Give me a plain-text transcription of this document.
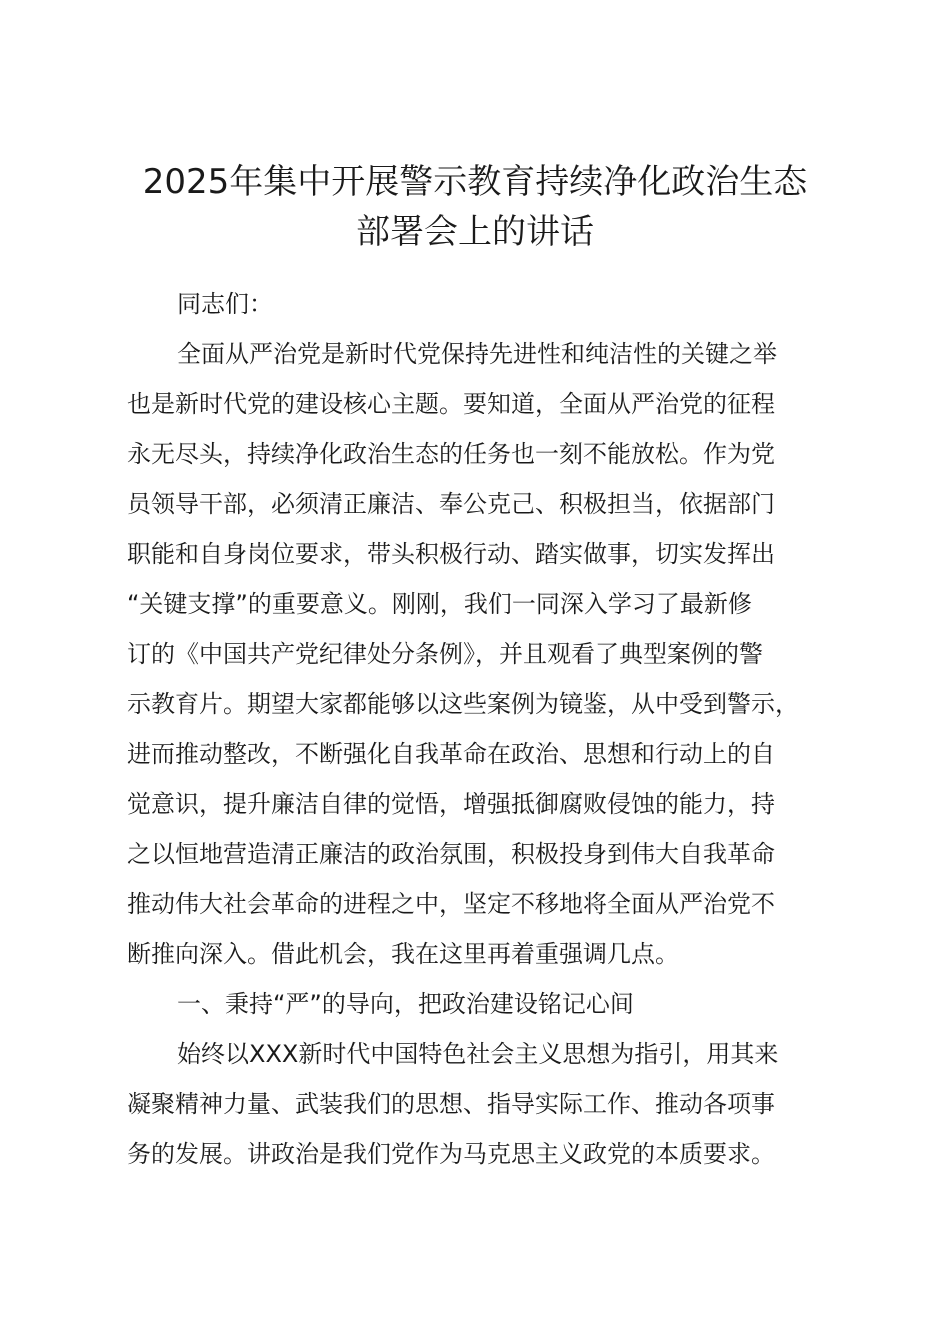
2025年集中开展警示教育持续净化政治生态
部署会上的讲话

同志们：

全面从严治党是新时代党保持先进性和纯洁性的关键之举

也是新时代党的建设核心主题。要知道，全面从严治党的征程

永无尽头，持续净化政治生态的任务也一刻不能放松。作为党

员领导干部，必须清正廉洁、奉公克己、积极担当，依据部门

职能和自身岗位要求，带头积极行动、踏实做事，切实发挥出

“关键支撑”的重要意义。刚刚，我们一同深入学习了最新修

订的《中国共产党纪律处分条例》，并且观看了典型案例的警

示教育片。期望大家都能够以这些案例为镜鉴，从中受到警示，

进而推动整改，不断强化自我革命在政治、思想和行动上的自

觉意识，提升廉洁自律的觉悟，增强抵御腐败侵蚀的能力，持

之以恒地营造清正廉洁的政治氛围，积极投身到伟大自我革命

推动伟大社会革命的进程之中，坚定不移地将全面从严治党不

断推向深入。借此机会，我在这里再着重强调几点。

一、秉持“严”的导向，把政治建设铭记心间

始终以XXX新时代中国特色社会主义思想为指引，用其来

凝聚精神力量、武装我们的思想、指导实际工作、推动各项事

务的发展。讲政治是我们党作为马克思主义政党的本质要求。
